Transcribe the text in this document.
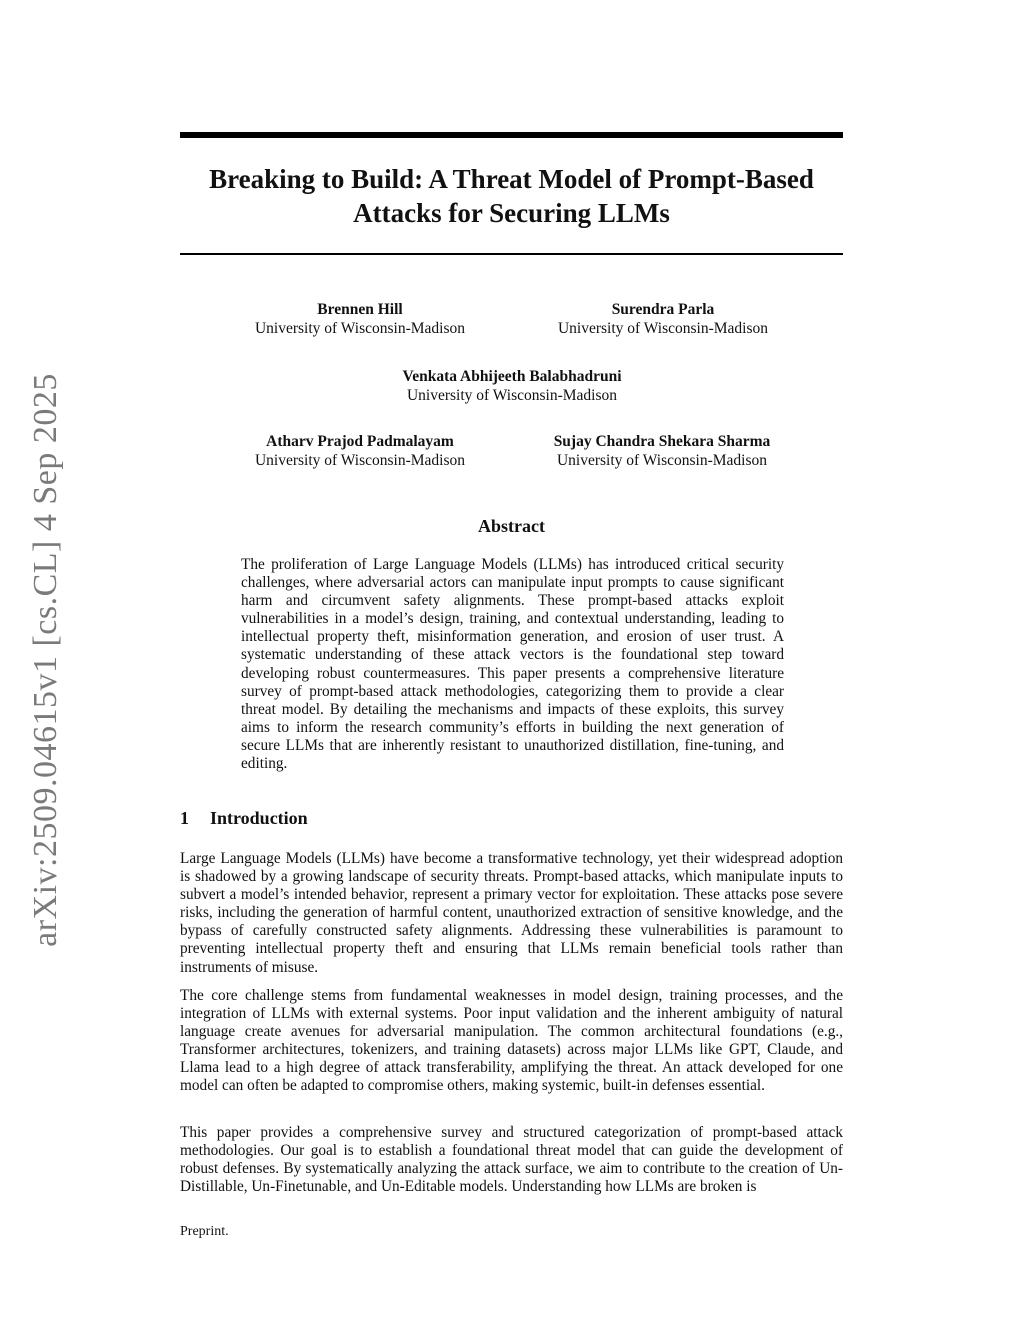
arXiv:2509.04615v1 [cs.CL] 4 Sep 2025
Breaking to Build: A Threat Model of Prompt-Based Attacks for Securing LLMs
Brennen Hill
University of Wisconsin-Madison
Surendra Parla
University of Wisconsin-Madison
Venkata Abhijeeth Balabhadruni
University of Wisconsin-Madison
Atharv Prajod Padmalayam
University of Wisconsin-Madison
Sujay Chandra Shekara Sharma
University of Wisconsin-Madison
Abstract

The proliferation of Large Language Models (LLMs) has introduced critical security challenges, where adversarial actors can manipulate input prompts to cause significant harm and circumvent safety alignments. These prompt-based attacks exploit vulnerabilities in a model’s design, training, and contextual understanding, leading to intellectual property theft, misinformation generation, and erosion of user trust. A systematic understanding of these attack vectors is the foundational step toward developing robust countermeasures. This paper presents a comprehensive literature survey of prompt-based attack methodologies, categorizing them to provide a clear threat model. By detailing the mechanisms and impacts of these exploits, this survey aims to inform the research community’s efforts in building the next generation of secure LLMs that are inherently resistant to unauthorized distillation, fine-tuning, and editing.

1 Introduction

Large Language Models (LLMs) have become a transformative technology, yet their widespread adoption is shadowed by a growing landscape of security threats. Prompt-based attacks, which manipulate inputs to subvert a model’s intended behavior, represent a primary vector for exploitation. These attacks pose severe risks, including the generation of harmful content, unauthorized extraction of sensitive knowledge, and the bypass of carefully constructed safety alignments. Addressing these vulnerabilities is paramount to preventing intellectual property theft and ensuring that LLMs remain beneficial tools rather than instruments of misuse.

The core challenge stems from fundamental weaknesses in model design, training processes, and the integration of LLMs with external systems. Poor input validation and the inherent ambiguity of natural language create avenues for adversarial manipulation. The common architectural foundations (e.g., Transformer architectures, tokenizers, and training datasets) across major LLMs like GPT, Claude, and Llama lead to a high degree of attack transferability, amplifying the threat. An attack developed for one model can often be adapted to compromise others, making systemic, built-in defenses essential.

This paper provides a comprehensive survey and structured categorization of prompt-based attack methodologies. Our goal is to establish a foundational threat model that can guide the development of robust defenses. By systematically analyzing the attack surface, we aim to contribute to the creation of Un-Distillable, Un-Finetunable, and Un-Editable models. Understanding how LLMs are broken is

Preprint.
